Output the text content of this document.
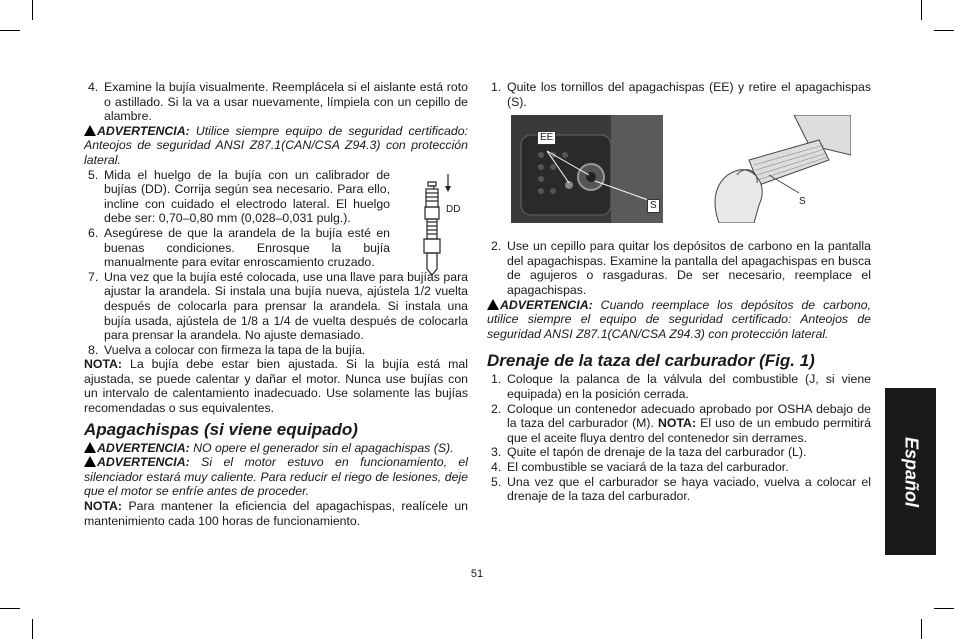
4. Examine la bujía visualmente. Reemplácela si el aislante está roto o astillado. Si la va a usar nuevamente, límpiela con un cepillo de alambre.

ADVERTENCIA: Utilice siempre equipo de seguridad certificado: Anteojos de seguridad ANSI Z87.1(CAN/CSA Z94.3) con protección lateral.

5. Mida el huelgo de la bujía con un calibrador de bujías (DD). Corrija según sea necesario. Para ello, incline con cuidado el electrodo lateral. El huelgo debe ser: 0,70–0,80 mm (0,028–0,031 pulg.).

6. Asegúrese de que la arandela de la bujía esté en buenas condiciones. Enrosque la bujía manualmente para evitar enroscamiento cruzado.

7. Una vez que la bujía esté colocada, use una llave para bujías para ajustar la arandela. Si instala una bujía nueva, ajústela 1/2 vuelta después de colocarla para prensar la arandela. Si instala una bujía usada, ajústela de 1/8 a 1/4 de vuelta después de colocarla para prensar la arandela. No ajuste demasiado.

8. Vuelva a colocar con firmeza la tapa de la bujía.

NOTA: La bujía debe estar bien ajustada. Si la bujía está mal ajustada, se puede calentar y dañar el motor. Nunca use bujías con un intervalo de calentamiento inadecuado. Use solamente las bujías recomendadas o sus equivalentes.

Apagachispas (si viene equipado)

ADVERTENCIA: NO opere el generador sin el apagachispas (S).

ADVERTENCIA: Si el motor estuvo en funcionamiento, el silenciador estará muy caliente. Para reducir el riego de lesiones, deje que el motor se enfríe antes de proceder.

NOTA: Para mantener la eficiencia del apagachispas, realícele un mantenimiento cada 100 horas de funcionamiento.

DD

1. Quite los tornillos del apagachispas (EE) y retire el apagachispas (S).

EE
S	S

2. Use un cepillo para quitar los depósitos de carbono en la pantalla del apagachispas. Examine la pantalla del apagachispas en busca de agujeros o rasgaduras. De ser necesario, reemplace el apagachispas.

ADVERTENCIA: Cuando reemplace los depósitos de carbono, utilice siempre el equipo de seguridad certificado: Anteojos de seguridad ANSI Z87.1(CAN/CSA Z94.3) con protección lateral.

Drenaje de la taza del carburador (Fig. 1)

1. Coloque la palanca de la válvula del combustible (J, si viene equipada) en la posición cerrada.

2. Coloque un contenedor adecuado aprobado por OSHA debajo de la taza del carburador (M). NOTA: El uso de un embudo permitirá que el aceite fluya dentro del contenedor sin derrames.

3. Quite el tapón de drenaje de la taza del carburador (L).

4. El combustible se vaciará de la taza del carburador.

5. Una vez que el carburador se haya vaciado, vuelva a colocar el drenaje de la taza del carburador.	Español
51
